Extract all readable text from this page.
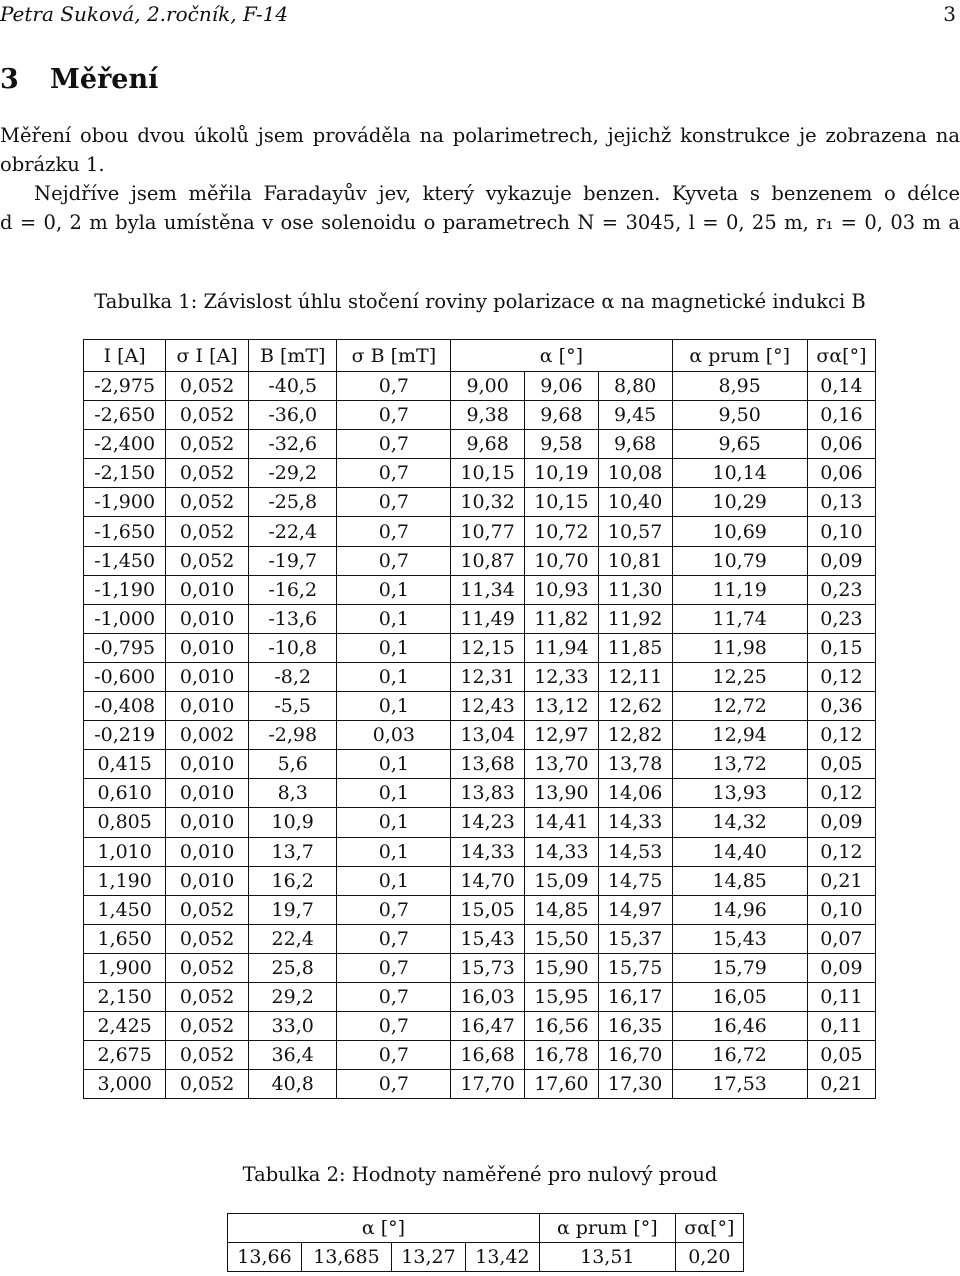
Petra Suková, 2.ročník, F-14	3
3 Měření
Měření obou dvou úkolů jsem prováděla na polarimetrech, jejichž konstrukce je zobrazena na
obrázku 1.
Nejdříve jsem měřila Faradayův jev, který vykazuje benzen. Kyveta s benzenem o délce
d = 0, 2 m byla umístěna v ose solenoidu o parametrech N = 3045, l = 0, 25 m, r₁ = 0, 03 m a
Tabulka 1: Závislost úhlu stočení roviny polarizace α na magnetické indukci B
I [A]	σ I [A]	B [mT]	σ B [mT]	α [°]			α prum [°]	σα[°]
-2,975	0,052	-40,5	0,7	9,00	9,06	8,80	8,95	0,14
-2,650	0,052	-36,0	0,7	9,38	9,68	9,45	9,50	0,16
-2,400	0,052	-32,6	0,7	9,68	9,58	9,68	9,65	0,06
-2,150	0,052	-29,2	0,7	10,15	10,19	10,08	10,14	0,06
-1,900	0,052	-25,8	0,7	10,32	10,15	10,40	10,29	0,13
-1,650	0,052	-22,4	0,7	10,77	10,72	10,57	10,69	0,10
-1,450	0,052	-19,7	0,7	10,87	10,70	10,81	10,79	0,09
-1,190	0,010	-16,2	0,1	11,34	10,93	11,30	11,19	0,23
-1,000	0,010	-13,6	0,1	11,49	11,82	11,92	11,74	0,23
-0,795	0,010	-10,8	0,1	12,15	11,94	11,85	11,98	0,15
-0,600	0,010	-8,2	0,1	12,31	12,33	12,11	12,25	0,12
-0,408	0,010	-5,5	0,1	12,43	13,12	12,62	12,72	0,36
-0,219	0,002	-2,98	0,03	13,04	12,97	12,82	12,94	0,12
0,415	0,010	5,6	0,1	13,68	13,70	13,78	13,72	0,05
0,610	0,010	8,3	0,1	13,83	13,90	14,06	13,93	0,12
0,805	0,010	10,9	0,1	14,23	14,41	14,33	14,32	0,09
1,010	0,010	13,7	0,1	14,33	14,33	14,53	14,40	0,12
1,190	0,010	16,2	0,1	14,70	15,09	14,75	14,85	0,21
1,450	0,052	19,7	0,7	15,05	14,85	14,97	14,96	0,10
1,650	0,052	22,4	0,7	15,43	15,50	15,37	15,43	0,07
1,900	0,052	25,8	0,7	15,73	15,90	15,75	15,79	0,09
2,150	0,052	29,2	0,7	16,03	15,95	16,17	16,05	0,11
2,425	0,052	33,0	0,7	16,47	16,56	16,35	16,46	0,11
2,675	0,052	36,4	0,7	16,68	16,78	16,70	16,72	0,05
3,000	0,052	40,8	0,7	17,70	17,60	17,30	17,53	0,21
Tabulka 2: Hodnoty naměřené pro nulový proud
α [°]				α prum [°]	σα[°]
13,66	13,685	13,27	13,42	13,51	0,20
